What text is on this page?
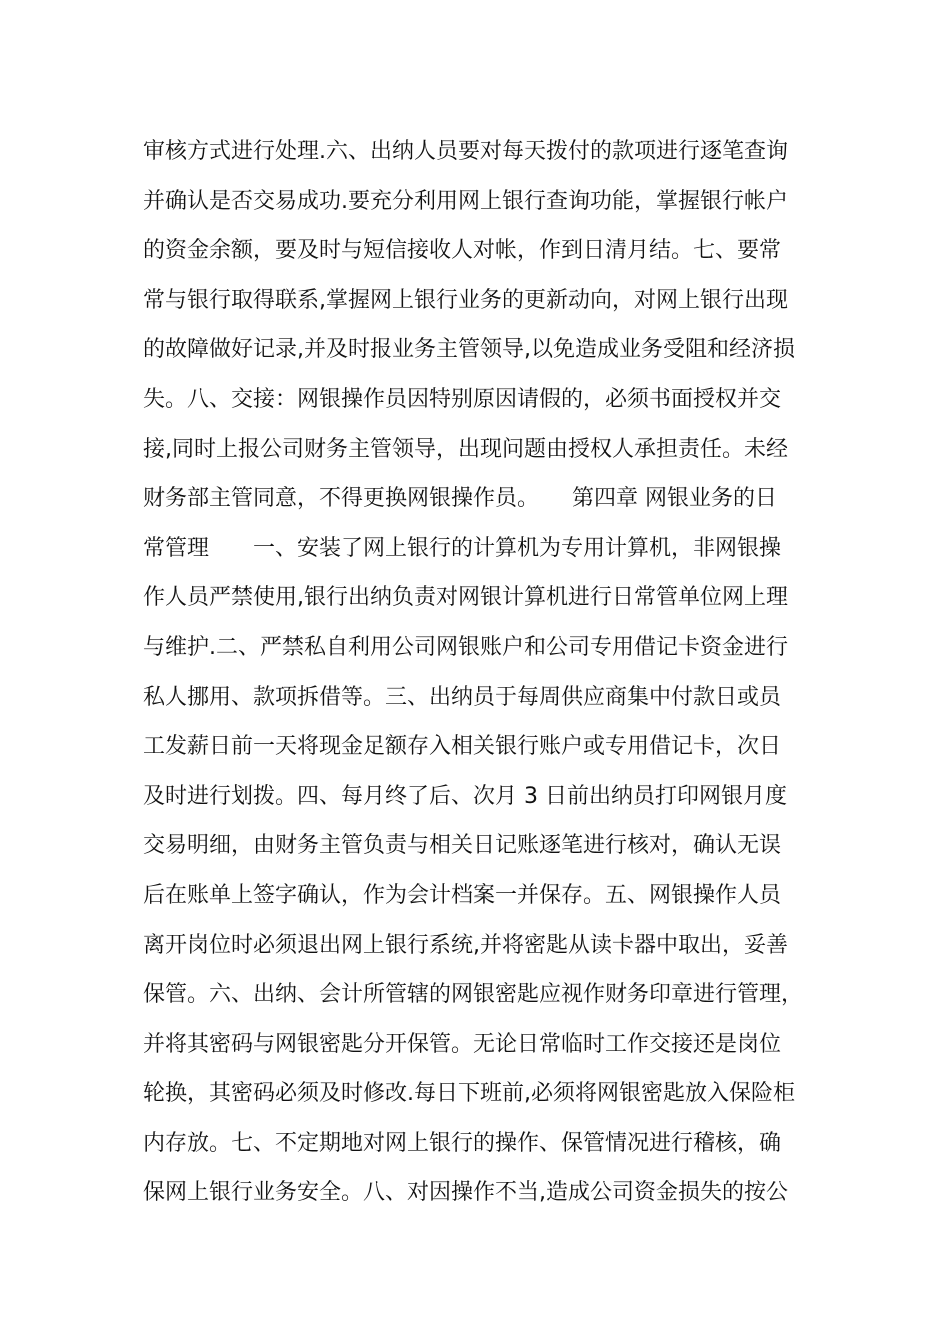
审核方式进行处理.六、出纳人员要对每天拨付的款项进行逐笔查询
并确认是否交易成功.要充分利用网上银行查询功能，掌握银行帐户
的资金余额，要及时与短信接收人对帐，作到日清月结。七、要常
常与银行取得联系,掌握网上银行业务的更新动向，对网上银行出现
的故障做好记录,并及时报业务主管领导,以免造成业务受阻和经济损
失。八、交接：网银操作员因特别原因请假的，必须书面授权并交
接,同时上报公司财务主管领导，出现问题由授权人承担责任。未经
财务部主管同意，不得更换网银操作员。　　第四章 网银业务的日
常管理　　一、安装了网上银行的计算机为专用计算机，非网银操
作人员严禁使用,银行出纳负责对网银计算机进行日常管单位网上理
与维护.二、严禁私自利用公司网银账户和公司专用借记卡资金进行
私人挪用、款项拆借等。三、出纳员于每周供应商集中付款日或员
工发薪日前一天将现金足额存入相关银行账户或专用借记卡，次日
及时进行划拨。四、每月终了后、次月 3 日前出纳员打印网银月度
交易明细，由财务主管负责与相关日记账逐笔进行核对，确认无误
后在账单上签字确认，作为会计档案一并保存。五、网银操作人员
离开岗位时必须退出网上银行系统,并将密匙从读卡器中取出，妥善
保管。六、出纳、会计所管辖的网银密匙应视作财务印章进行管理，
并将其密码与网银密匙分开保管。无论日常临时工作交接还是岗位
轮换，其密码必须及时修改.每日下班前,必须将网银密匙放入保险柜
内存放。七、不定期地对网上银行的操作、保管情况进行稽核，确
保网上银行业务安全。八、对因操作不当,造成公司资金损失的按公
